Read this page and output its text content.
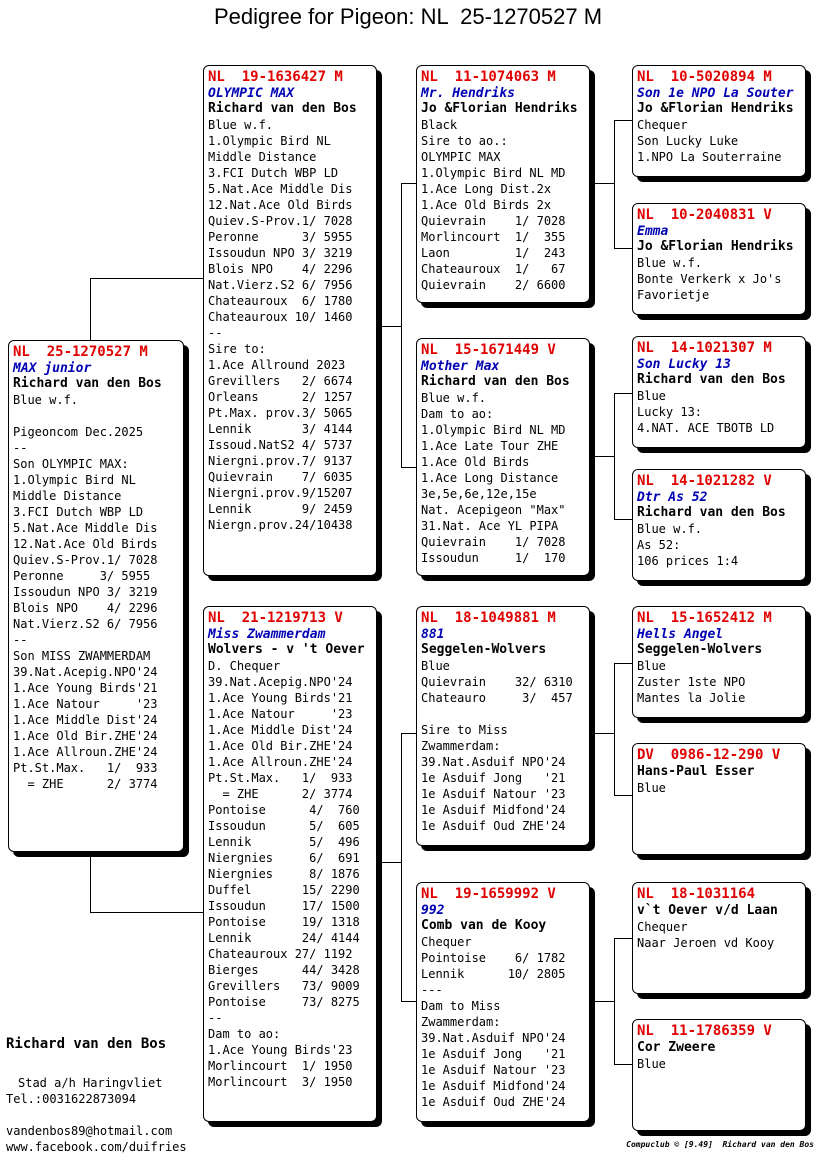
Pedigree for Pigeon: NL  25-1270527 M
NL  25-1270527 M
MAX junior
Richard van den Bos
Blue w.f.
Pigeoncom Dec.2025
--
Son OLYMPIC MAX:
1.Olympic Bird NL
Middle Distance
3.FCI Dutch WBP LD
5.Nat.Ace Middle Dis
12.Nat.Ace Old Birds
Quiev.S-Prov.1/ 7028
Peronne     3/ 5955
Issoudun NPO 3/ 3219
Blois NPO    4/ 2296
Nat.Vierz.S2 6/ 7956
--
Son MISS ZWAMMERDAM
39.Nat.Acepig.NPO'24
1.Ace Young Birds'21
1.Ace Natour     '23
1.Ace Middle Dist'24
1.Ace Old Bir.ZHE'24
1.Ace Allroun.ZHE'24
Pt.St.Max.   1/  933
= ZHE      2/ 3774
NL  19-1636427 M
OLYMPIC MAX
Richard van den Bos
Blue w.f.
1.Olympic Bird NL
Middle Distance
3.FCI Dutch WBP LD
5.Nat.Ace Middle Dis
12.Nat.Ace Old Birds
Quiev.S-Prov.1/ 7028
Peronne      3/ 5955
Issoudun NPO 3/ 3219
Blois NPO    4/ 2296
Nat.Vierz.S2 6/ 7956
Chateauroux  6/ 1780
Chateauroux 10/ 1460
--
Sire to:
1.Ace Allround 2023
Grevillers   2/ 6674
Orleans      2/ 1257
Pt.Max. prov.3/ 5065
Lennik       3/ 4144
Issoud.NatS2 4/ 5737
Niergni.prov.7/ 9137
Quievrain    7/ 6035
Niergni.prov.9/15207
Lennik       9/ 2459
Niergn.prov.24/10438
NL  21-1219713 V
Miss Zwammerdam
Wolvers - v 't Oever
D. Chequer
39.Nat.Acepig.NPO'24
1.Ace Young Birds'21
1.Ace Natour     '23
1.Ace Middle Dist'24
1.Ace Old Bir.ZHE'24
1.Ace Allroun.ZHE'24
Pt.St.Max.   1/  933
= ZHE      2/ 3774
Pontoise      4/  760
Issoudun      5/  605
Lennik        5/  496
Niergnies     6/  691
Niergnies     8/ 1876
Duffel       15/ 2290
Issoudun     17/ 1500
Pontoise     19/ 1318
Lennik       24/ 4144
Chateauroux 27/ 1192
Bierges      44/ 3428
Grevillers   73/ 9009
Pontoise     73/ 8275
--
Dam to ao:
1.Ace Young Birds'23
Morlincourt  1/ 1950
Morlincourt  3/ 1950
NL  11-1074063 M
Mr. Hendriks
Jo &Florian Hendriks
Black
Sire to ao.:
OLYMPIC MAX
1.Olympic Bird NL MD
1.Ace Long Dist.2x
1.Ace Old Birds 2x
Quievrain    1/ 7028
Morlincourt  1/  355
Laon         1/  243
Chateauroux  1/   67
Quievrain    2/ 6600
NL  15-1671449 V
Mother Max
Richard van den Bos
Blue w.f.
Dam to ao:
1.Olympic Bird NL MD
1.Ace Late Tour ZHE
1.Ace Old Birds
1.Ace Long Distance
3e,5e,6e,12e,15e
Nat. Acepigeon "Max"
31.Nat. Ace YL PIPA
Quievrain    1/ 7028
Issoudun     1/  170
NL  18-1049881 M
881
Seggelen-Wolvers
Blue
Quievrain    32/ 6310
Chateauro     3/  457
Sire to Miss
Zwammerdam:
39.Nat.Asduif NPO'24
1e Asduif Jong   '21
1e Asduif Natour '23
1e Asduif Midfond'24
1e Asduif Oud ZHE'24
NL  19-1659992 V
992
Comb van de Kooy
Chequer
Pointoise    6/ 1782
Lennik      10/ 2805
---
Dam to Miss
Zwammerdam:
39.Nat.Asduif NPO'24
1e Asduif Jong   '21
1e Asduif Natour '23
1e Asduif Midfond'24
1e Asduif Oud ZHE'24
NL  10-5020894 M
Son 1e NPO La Souter
Jo &Florian Hendriks
Chequer
Son Lucky Luke
1.NPO La Souterraine
NL  10-2040831 V
Emma
Jo &Florian Hendriks
Blue w.f.
Bonte Verkerk x Jo's
Favorietje
NL  14-1021307 M
Son Lucky 13
Richard van den Bos
Blue
Lucky 13:
4.NAT. ACE TBOTB LD
NL  14-1021282 V
Dtr As 52
Richard van den Bos
Blue w.f.
As 52:
106 prices 1:4
NL  15-1652412 M
Hells Angel
Seggelen-Wolvers
Blue
Zuster 1ste NPO
Mantes la Jolie
DV  0986-12-290 V
Hans-Paul Esser
Blue
NL  18-1031164
v`t Oever v/d Laan
Chequer
Naar Jeroen vd Kooy
NL  11-1786359 V
Cor Zweere
Blue
Richard van den Bos
Stad a/h Haringvliet
Tel.:0031622873094
vandenbos89@hotmail.com
www.facebook.com/duifries	Compuclub © [9.49]  Richard van den Bos
